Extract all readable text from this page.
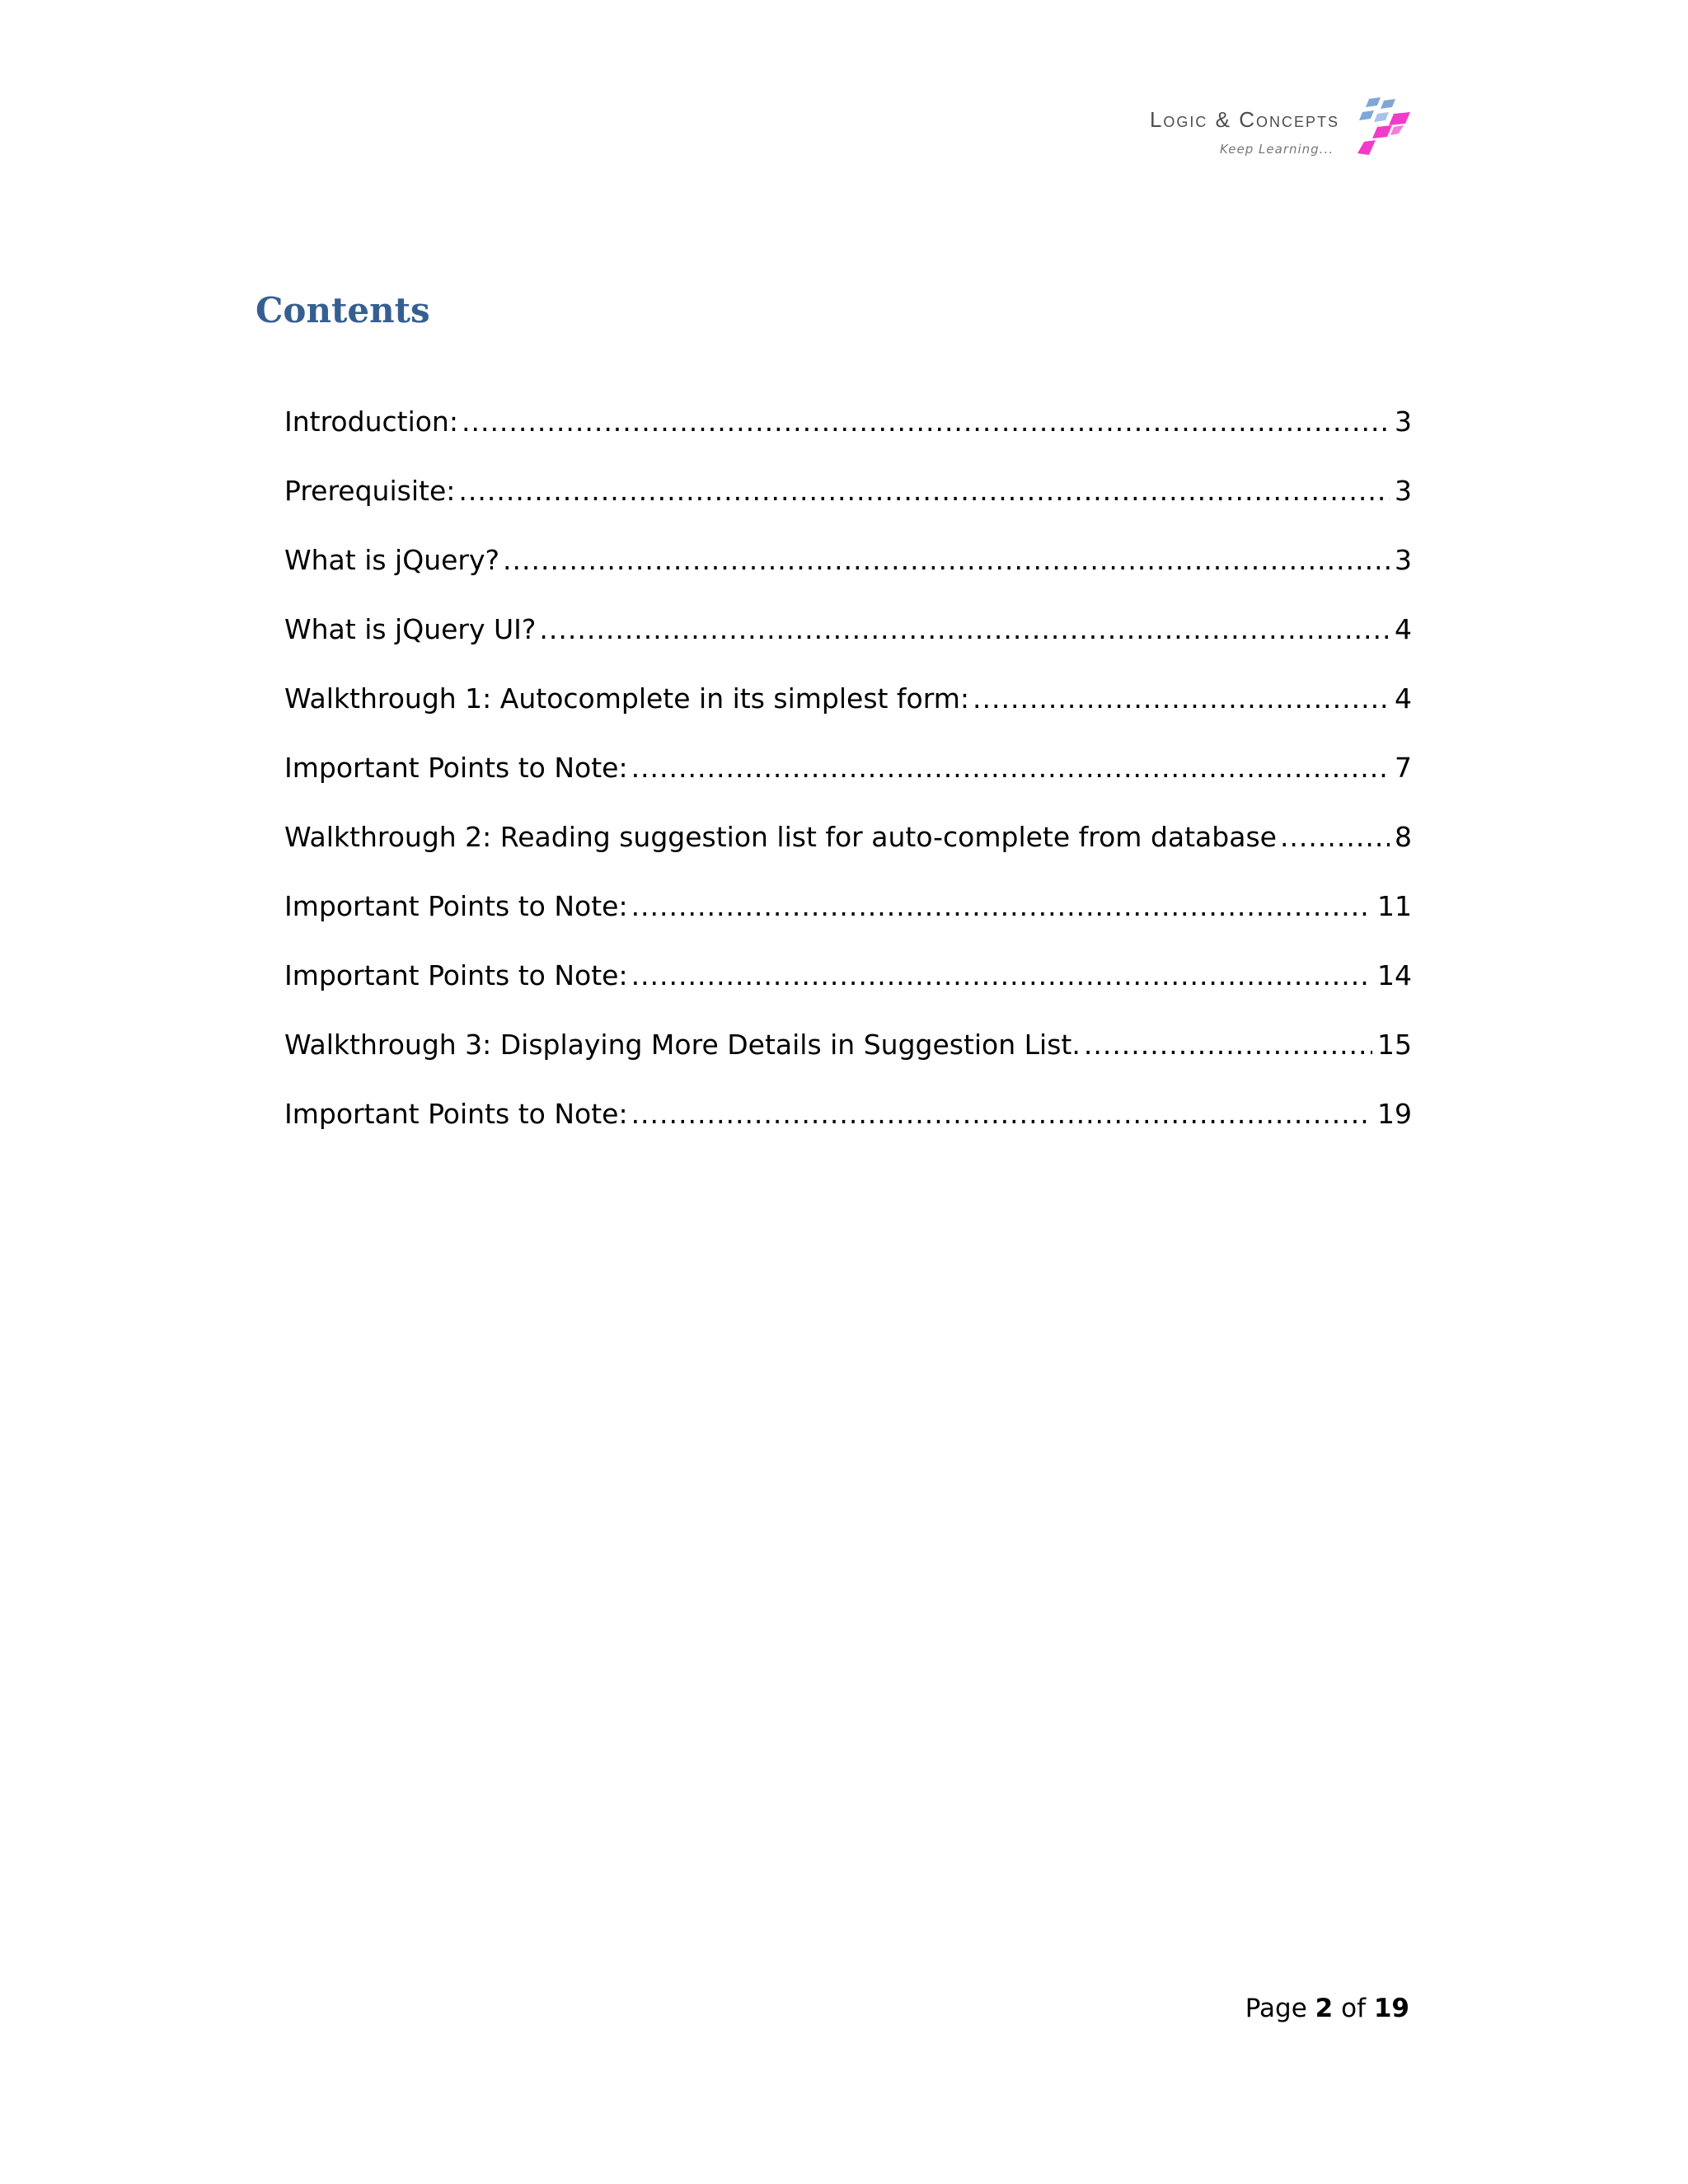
Logic & Concepts
Keep Learning...
Contents
Introduction: .....	3
Prerequisite: .....	3
What is jQuery? .....	3
What is jQuery UI? .....	4
Walkthrough 1: Autocomplete in its simplest form: .....	4
Important Points to Note: .....	7
Walkthrough 2: Reading suggestion list for auto-complete from database .....	8
Important Points to Note: .....	11
Important Points to Note: .....	14
Walkthrough 3: Displaying More Details in Suggestion List. .....	15
Important Points to Note: .....	19
Page 2 of 19
